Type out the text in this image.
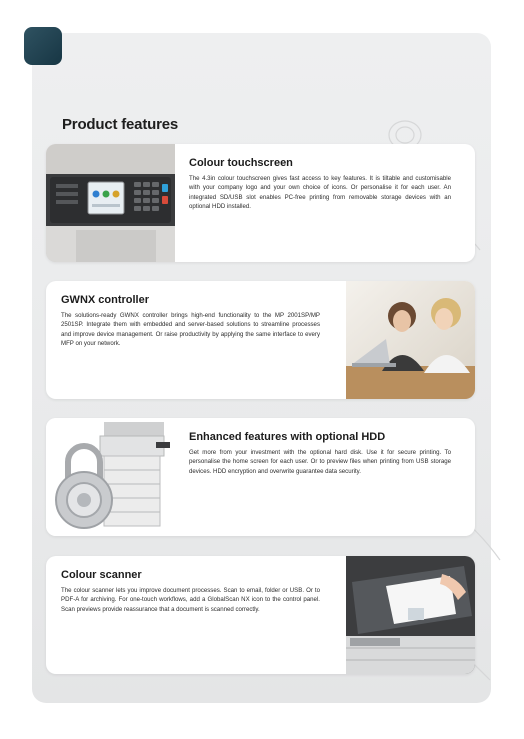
Product features
Colour touchscreen

The 4.3in colour touchscreen gives fast access to key features. It is tiltable and customisable with your company logo and your own choice of icons. Or personalise it for each user. An integrated SD/USB slot enables PC-free printing from removable storage devices with an optional HDD installed.

GWNX controller

The solutions-ready GWNX controller brings high-end functionality to the MP 2001SP/MP 2501SP. Integrate them with embedded and server-based solutions to streamline processes and improve device management. Or raise productivity by applying the same interface to every MFP on your network.

Enhanced features with optional HDD

Get more from your investment with the optional hard disk. Use it for secure printing. To personalise the home screen for each user. Or to preview files when printing from USB storage devices. HDD encryption and overwrite guarantee data security.

Colour scanner

The colour scanner lets you improve document processes. Scan to email, folder or USB. Or to PDF-A for archiving. For one-touch workflows, add a GlobalScan NX icon to the control panel. Scan previews provide reassurance that a document is scanned correctly.
